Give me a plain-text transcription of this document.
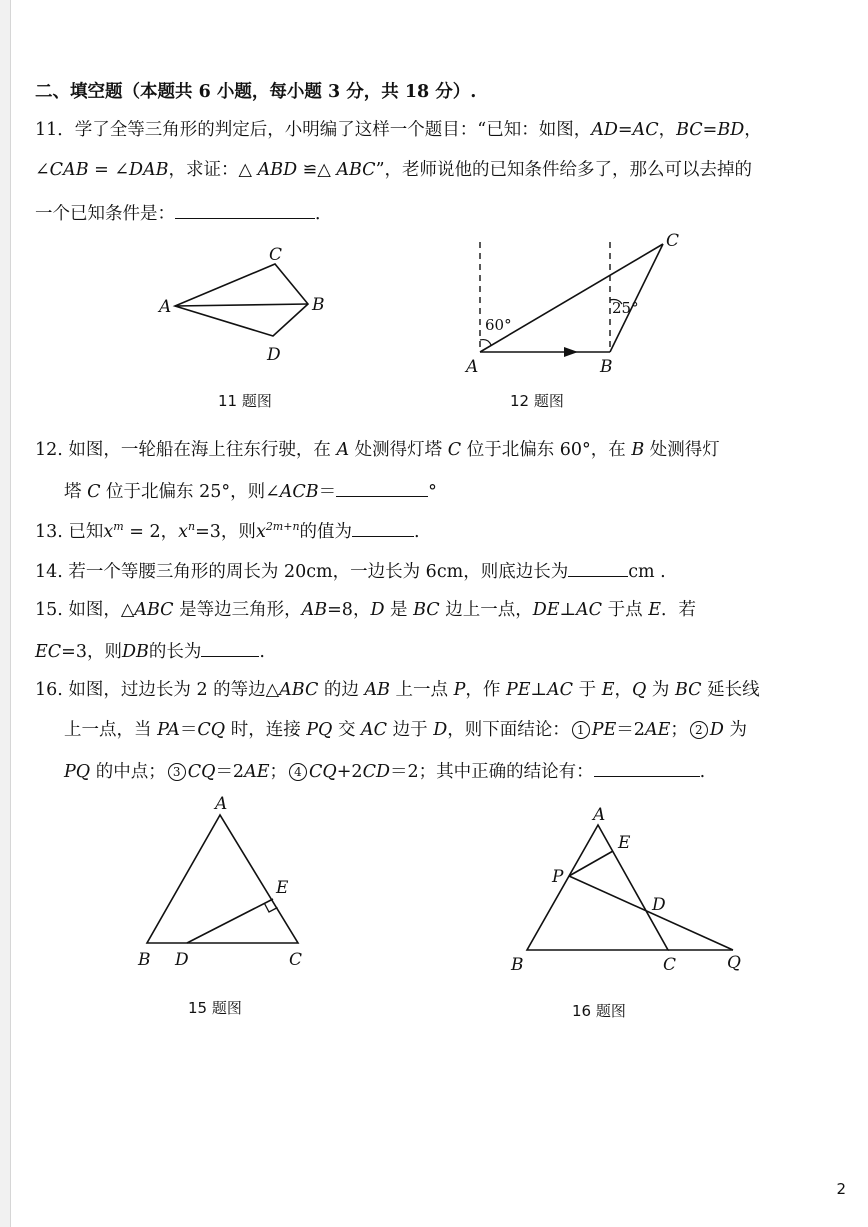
二、填空题（本题共 6 小题，每小题 3 分，共 18 分）.
11．学了全等三角形的判定后，小明编了这样一个题目：“已知：如图，AD=AC，BC=BD，
∠CAB = ∠DAB，求证：△ ABD ≌△ ABC”，老师说他的已知条件给多了，那么可以去掉的
一个已知条件是：	．
A
C
B
D
11 题图
60°
25°
A	B
C
12 题图
12. 如图，一轮船在海上往东行驶，在 A 处测得灯塔 C 位于北偏东 60°，在 B 处测得灯
塔 C 位于北偏东 25°，则∠ACB＝	°
13. 已知$x^m = 2$，$x^n=3$，则$x^{2m+n}$的值为	.
14. 若一个等腰三角形的周长为 20cm，一边长为 6cm，则底边长为	cm .
15. 如图，△ABC 是等边三角形，AB=8，D 是 BC 边上一点，DE⊥AC 于点 E．若
EC=3，则DB的长为	.
16. 如图，过边长为 2 的等边△ABC 的边 AB 上一点 P，作 PE⊥AC 于 E，Q 为 BC 延长线
上一点，当 PA＝CQ 时，连接 PQ 交 AC 边于 D，则下面结论： 1 PE＝2AE； 2 D 为
PQ 的中点； 3 CQ＝2AE； 4 CQ+2CD＝2；其中正确的结论有：	.
A
E
B D	C
15 题图
A
E
P
D
B	C	Q
16 题图
2
